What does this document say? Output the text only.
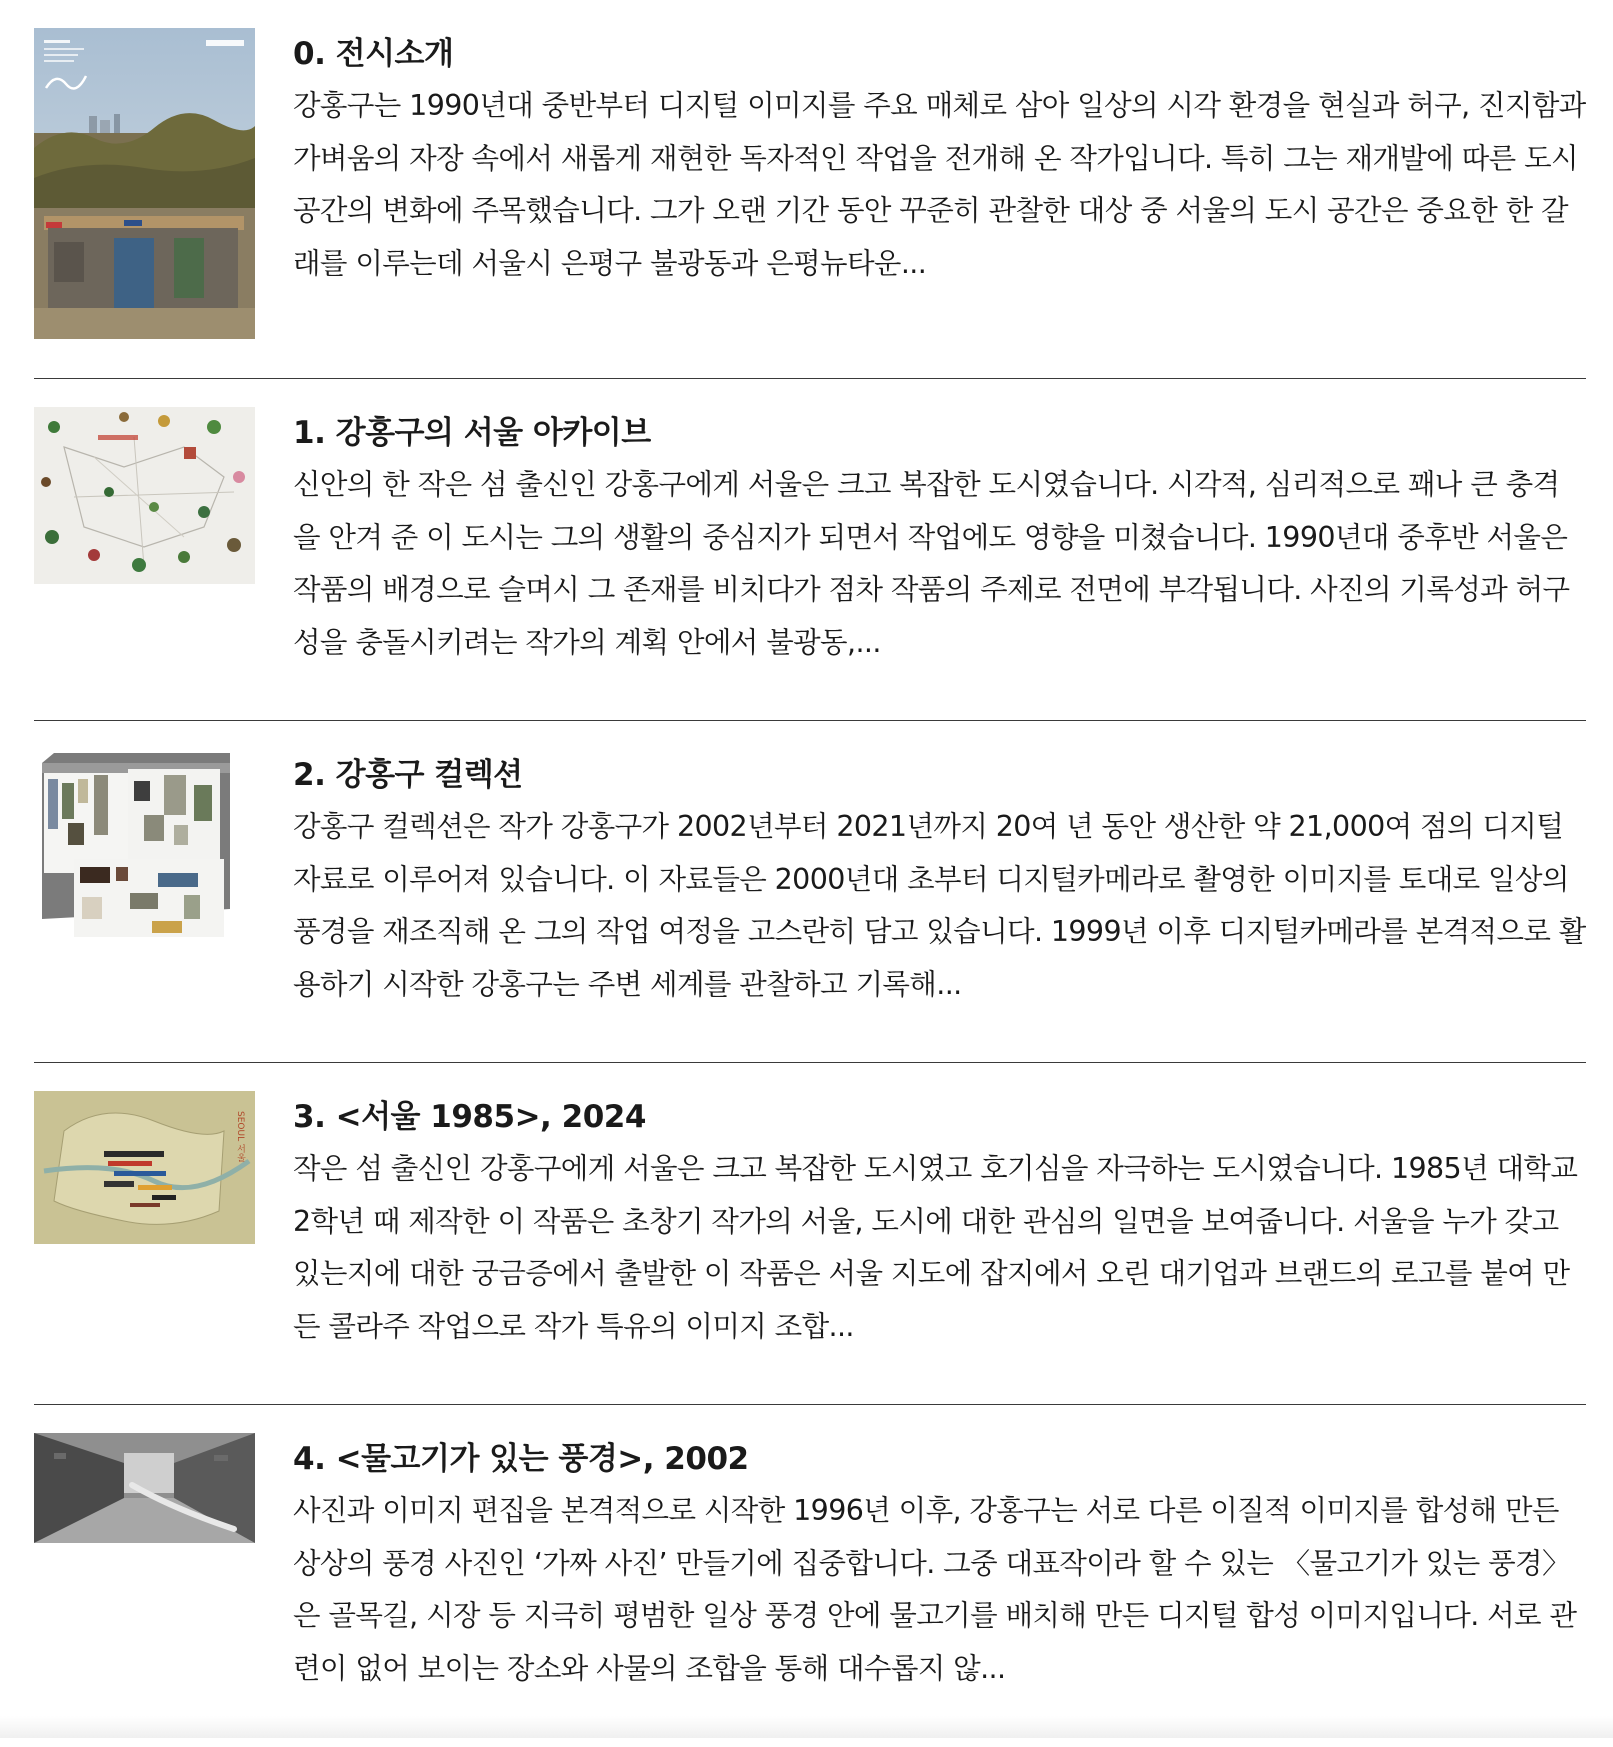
0. 전시소개

강홍구는 1990년대 중반부터 디지털 이미지를 주요 매체로 삼아 일상의 시각 환경을 현실과 허구, 진지함과 가벼움의 자장 속에서 새롭게 재현한 독자적인 작업을 전개해 온 작가입니다. 특히 그는 재개발에 따른 도시 공간의 변화에 주목했습니다. 그가 오랜 기간 동안 꾸준히 관찰한 대상 중 서울의 도시 공간은 중요한 한 갈래를 이루는데 서울시 은평구 불광동과 은평뉴타운...

1. 강홍구의 서울 아카이브

신안의 한 작은 섬 출신인 강홍구에게 서울은 크고 복잡한 도시였습니다. 시각적, 심리적으로 꽤나 큰 충격을 안겨 준 이 도시는 그의 생활의 중심지가 되면서 작업에도 영향을 미쳤습니다. 1990년대 중후반 서울은 작품의 배경으로 슬며시 그 존재를 비치다가 점차 작품의 주제로 전면에 부각됩니다. 사진의 기록성과 허구성을 충돌시키려는 작가의 계획 안에서 불광동,...

2. 강홍구 컬렉션

강홍구 컬렉션은 작가 강홍구가 2002년부터 2021년까지 20여 년 동안 생산한 약 21,000여 점의 디지털 자료로 이루어져 있습니다. 이 자료들은 2000년대 초부터 디지털카메라로 촬영한 이미지를 토대로 일상의 풍경을 재조직해 온 그의 작업 여정을 고스란히 담고 있습니다. 1999년 이후 디지털카메라를 본격적으로 활용하기 시작한 강홍구는 주변 세계를 관찰하고 기록해...

SEOUL 서울 3. <서울 1985>, 2024

작은 섬 출신인 강홍구에게 서울은 크고 복잡한 도시였고 호기심을 자극하는 도시였습니다. 1985년 대학교 2학년 때 제작한 이 작품은 초창기 작가의 서울, 도시에 대한 관심의 일면을 보여줍니다. 서울을 누가 갖고 있는지에 대한 궁금증에서 출발한 이 작품은 서울 지도에 잡지에서 오린 대기업과 브랜드의 로고를 붙여 만든 콜라주 작업으로 작가 특유의 이미지 조합...

4. <물고기가 있는 풍경>, 2002

사진과 이미지 편집을 본격적으로 시작한 1996년 이후, 강홍구는 서로 다른 이질적 이미지를 합성해 만든 상상의 풍경 사진인 ‘가짜 사진’ 만들기에 집중합니다. 그중 대표작이라 할 수 있는 〈물고기가 있는 풍경〉은 골목길, 시장 등 지극히 평범한 일상 풍경 안에 물고기를 배치해 만든 디지털 합성 이미지입니다. 서로 관련이 없어 보이는 장소와 사물의 조합을 통해 대수롭지 않...
